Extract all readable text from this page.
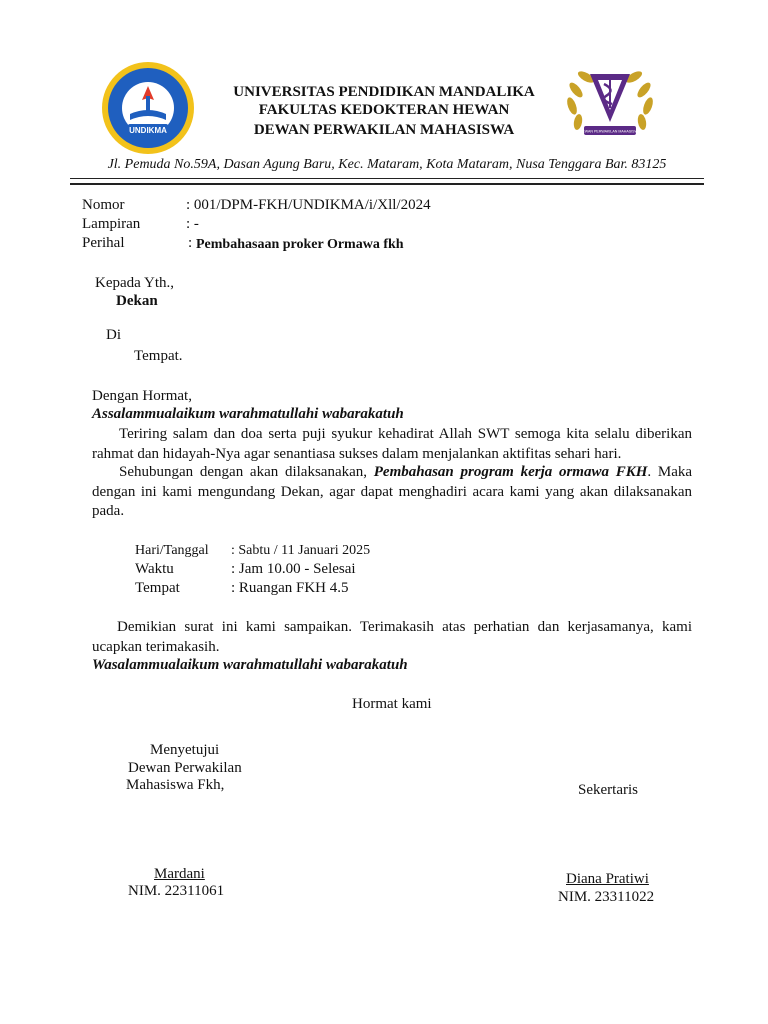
UNDIKMA
UNIVERSITAS PENDIDIKAN MANDALIKA
FAKULTAS KEDOKTERAN HEWAN
DEWAN PERWAKILAN MAHASISWA	DEWAN PERWAKILAN MAHASISWA
Jl. Pemuda No.59A, Dasan Agung Baru, Kec. Mataram, Kota Mataram, Nusa Tenggara Bar. 83125
Nomor	: 001/DPM-FKH/UNDIKMA/i/Xll/2024
Lampiran	: -
Perihal	: Pembahasaan proker Ormawa fkh
Kepada Yth.,
Dekan
Di
Tempat.
Dengan Hormat,
Assalammualaikum warahmatullahi wabarakatuh
Teriring salam dan doa serta puji syukur kehadirat Allah SWT semoga kita selalu diberikan rahmat dan hidayah-Nya agar senantiasa sukses dalam menjalankan aktifitas sehari hari.
Sehubungan dengan akan dilaksanakan, Pembahasan program kerja ormawa FKH. Maka dengan ini kami mengundang Dekan, agar dapat menghadiri acara kami yang akan dilaksanakan pada.
Hari/Tanggal : Sabtu / 11 Januari 2025
Waktu	: Jam 10.00 - Selesai
Tempat	: Ruangan FKH 4.5
Demikian surat ini kami sampaikan. Terimakasih atas perhatian dan kerjasamanya, kami ucapkan terimakasih.
Wasalammualaikum warahmatullahi wabarakatuh
Hormat kami
Menyetujui
Dewan Perwakilan
Mahasiswa Fkh,
Mardani
NIM. 22311061
Sekertaris
Diana Pratiwi
NIM. 23311022
